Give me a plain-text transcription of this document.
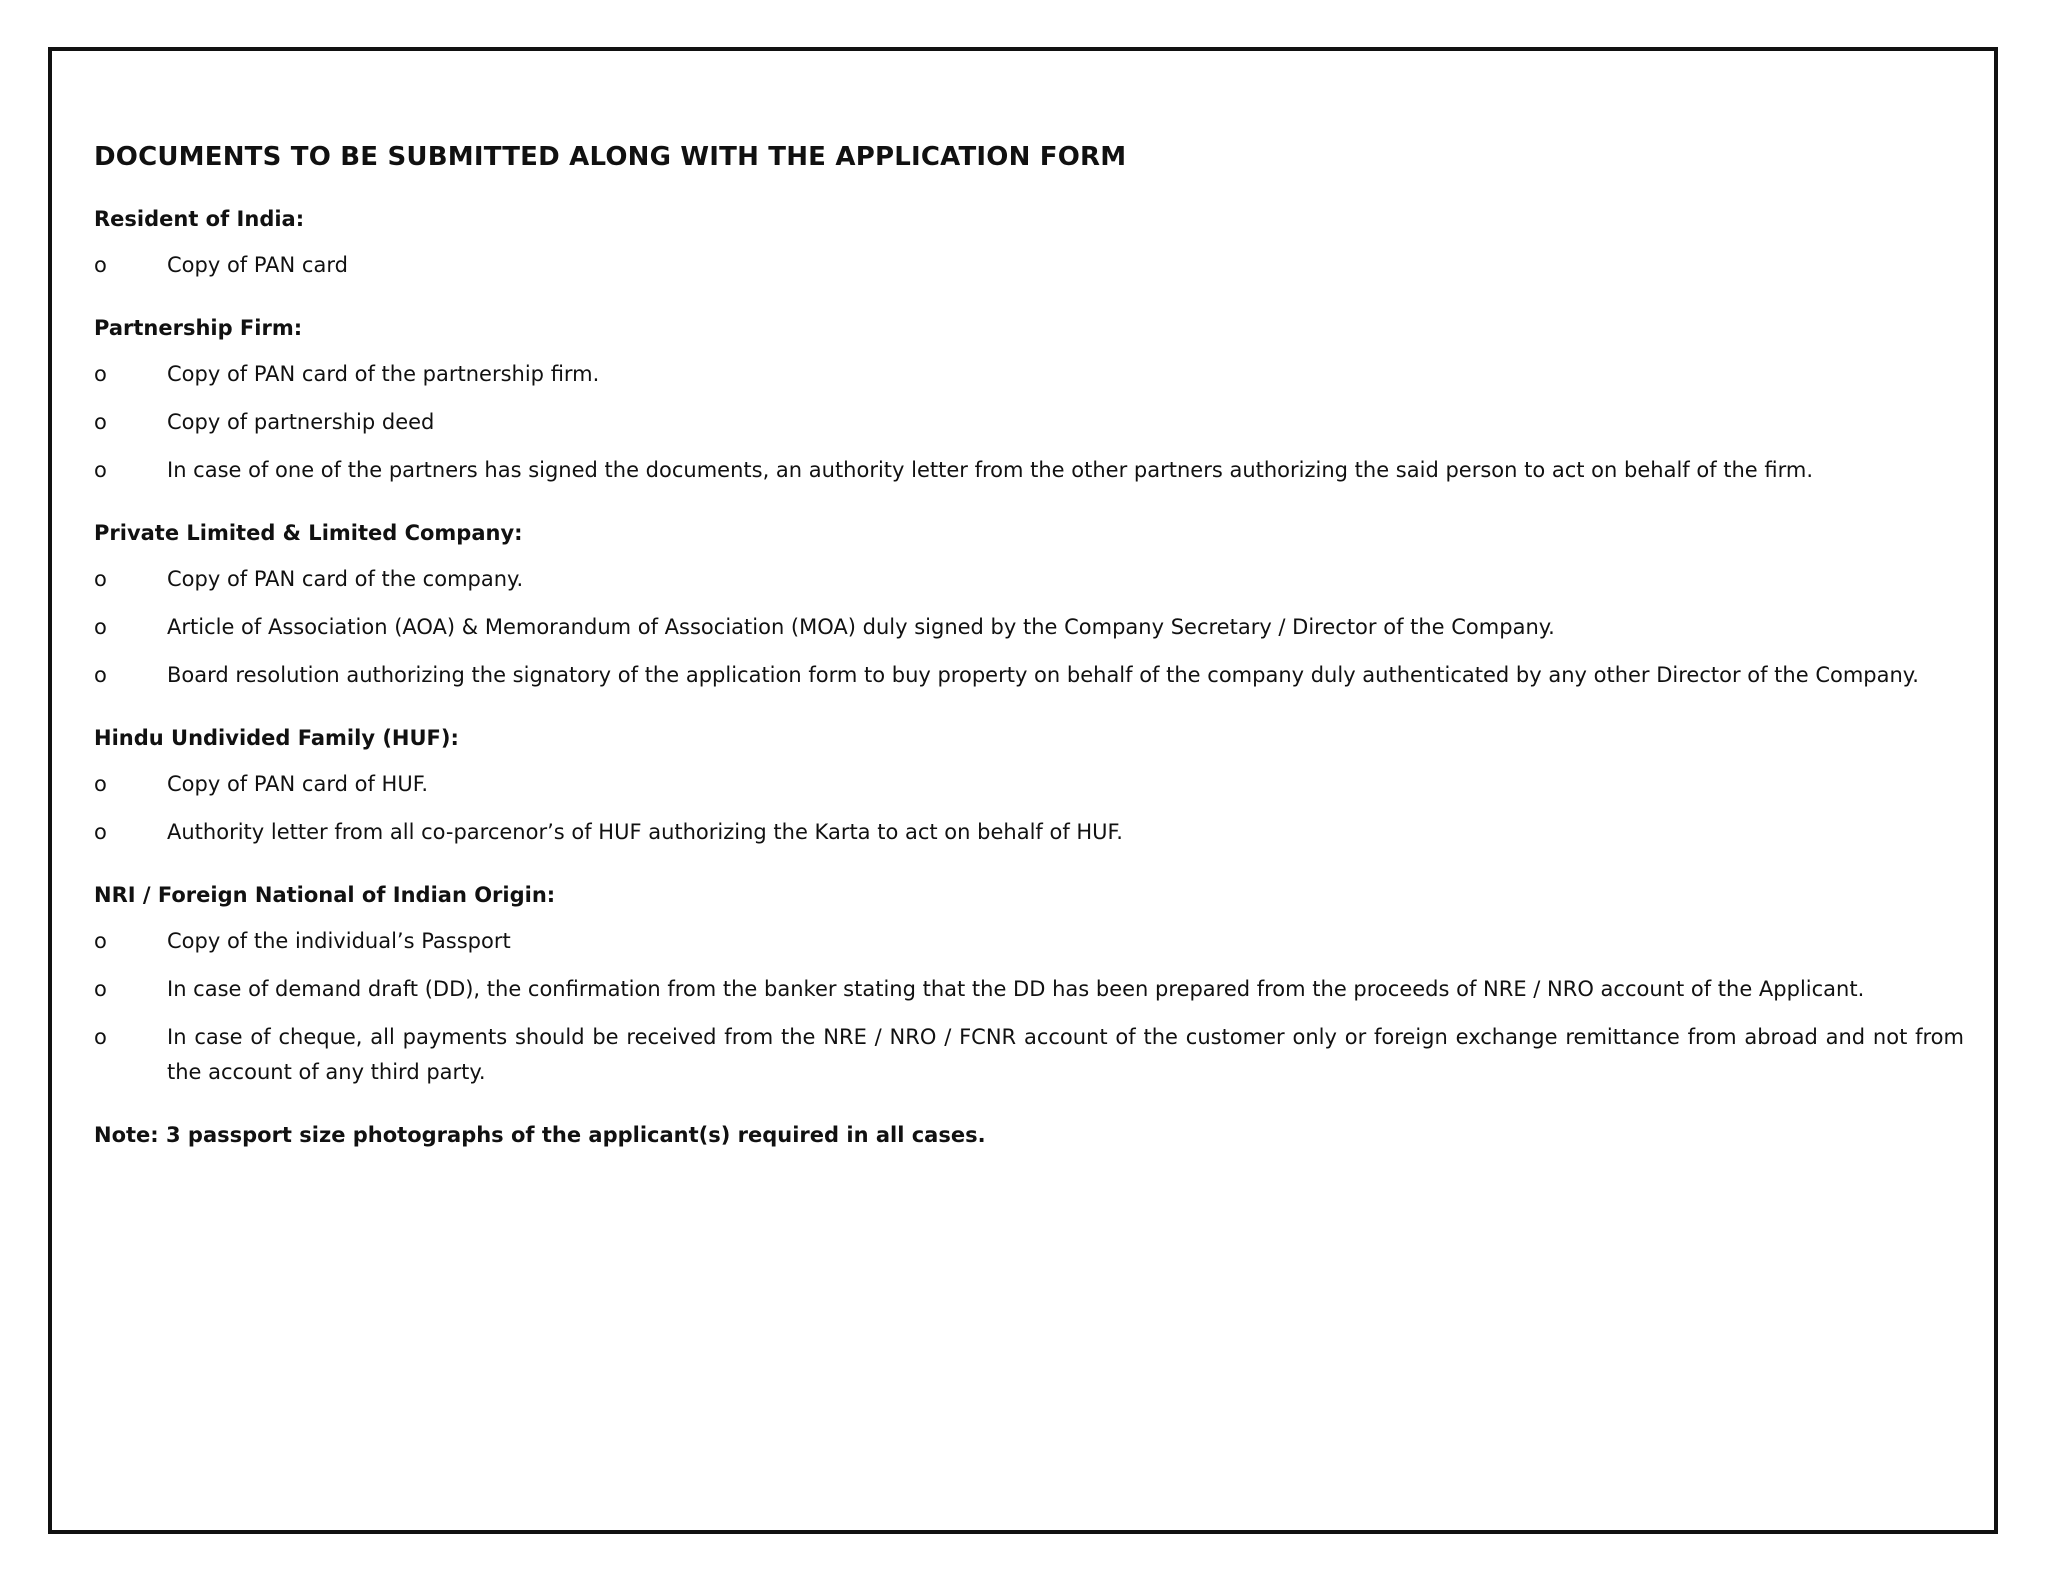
DOCUMENTS TO BE SUBMITTED ALONG WITH THE APPLICATION FORM
Resident of India:
o	Copy of PAN card
Partnership Firm:
o	Copy of PAN card of the partnership firm.
o	Copy of partnership deed
o	In case of one of the partners has signed the documents, an authority letter from the other partners authorizing the said person to act on behalf of the firm.
Private Limited & Limited Company:
o	Copy of PAN card of the company.
o	Article of Association (AOA) & Memorandum of Association (MOA) duly signed by the Company Secretary / Director of the Company.
o	Board resolution authorizing the signatory of the application form to buy property on behalf of the company duly authenticated by any other Director of the Company.
Hindu Undivided Family (HUF):
o	Copy of PAN card of HUF.
o	Authority letter from all co-parcenor’s of HUF authorizing the Karta to act on behalf of HUF.
NRI / Foreign National of Indian Origin:
o	Copy of the individual’s Passport
o	In case of demand draft (DD), the confirmation from the banker stating that the DD has been prepared from the proceeds of NRE / NRO account of the Applicant.
o	In case of cheque, all payments should be received from the NRE / NRO / FCNR account of the customer only or foreign exchange remittance from abroad and not from the account of any third party.
Note: 3 passport size photographs of the applicant(s) required in all cases.
